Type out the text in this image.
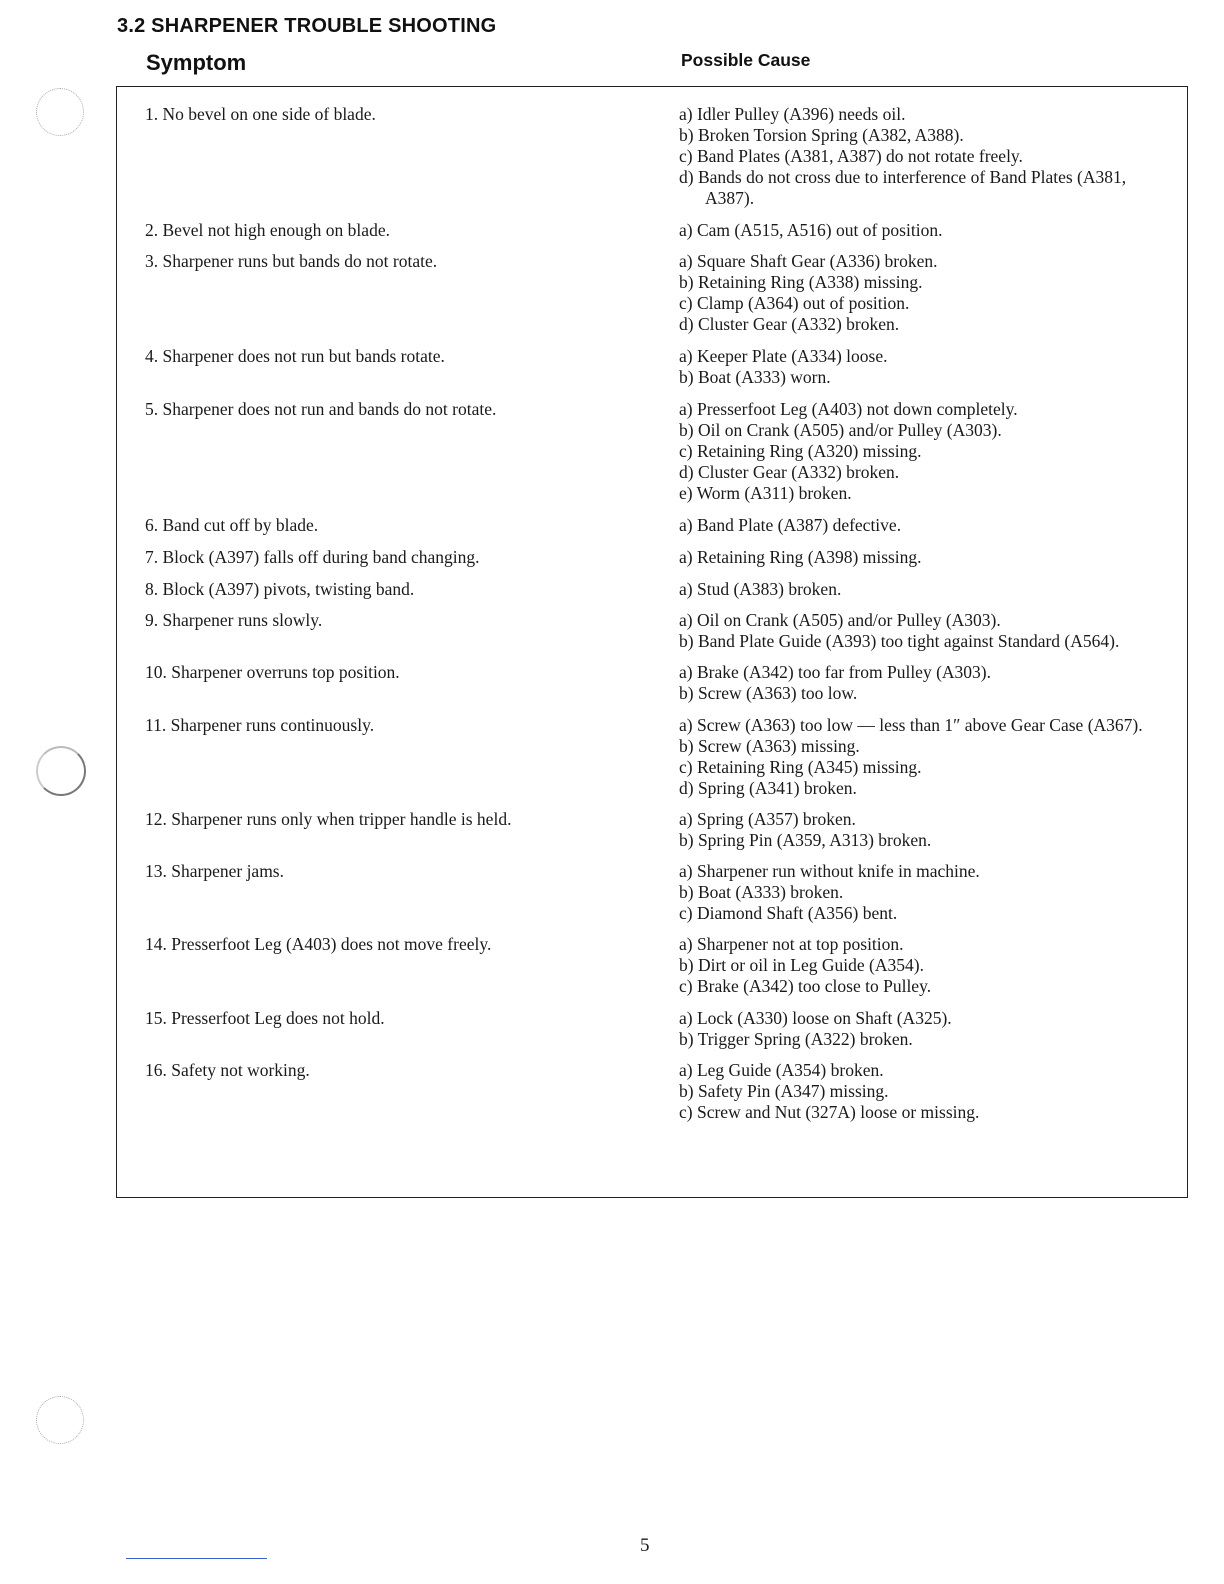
3.2 SHARPENER TROUBLE SHOOTING
Symptom	Possible Cause
1. No bevel on one side of blade.	a) Idler Pulley (A396) needs oil.
b) Broken Torsion Spring (A382, A388).
c) Band Plates (A381, A387) do not rotate freely.
d) Bands do not cross due to interference of Band Plates (A381, A387).
2. Bevel not high enough on blade.	a) Cam (A515, A516) out of position.
3. Sharpener runs but bands do not rotate.	a) Square Shaft Gear (A336) broken.
b) Retaining Ring (A338) missing.
c) Clamp (A364) out of position.
d) Cluster Gear (A332) broken.
4. Sharpener does not run but bands rotate.	a) Keeper Plate (A334) loose.
b) Boat (A333) worn.
5. Sharpener does not run and bands do not rotate.	a) Presserfoot Leg (A403) not down completely.
b) Oil on Crank (A505) and/or Pulley (A303).
c) Retaining Ring (A320) missing.
d) Cluster Gear (A332) broken.
e) Worm (A311) broken.
6. Band cut off by blade.	a) Band Plate (A387) defective.
7. Block (A397) falls off during band changing.	a) Retaining Ring (A398) missing.
8. Block (A397) pivots, twisting band.	a) Stud (A383) broken.
9. Sharpener runs slowly.	a) Oil on Crank (A505) and/or Pulley (A303).
b) Band Plate Guide (A393) too tight against Standard (A564).
10. Sharpener overruns top position.	a) Brake (A342) too far from Pulley (A303).
b) Screw (A363) too low.
11. Sharpener runs continuously.	a) Screw (A363) too low — less than 1″ above Gear Case (A367).
b) Screw (A363) missing.
c) Retaining Ring (A345) missing.
d) Spring (A341) broken.
12. Sharpener runs only when tripper handle is held.	a) Spring (A357) broken.
b) Spring Pin (A359, A313) broken.
13. Sharpener jams.	a) Sharpener run without knife in machine.
b) Boat (A333) broken.
c) Diamond Shaft (A356) bent.
14. Presserfoot Leg (A403) does not move freely.	a) Sharpener not at top position.
b) Dirt or oil in Leg Guide (A354).
c) Brake (A342) too close to Pulley.
15. Presserfoot Leg does not hold.	a) Lock (A330) loose on Shaft (A325).
b) Trigger Spring (A322) broken.
16. Safety not working.	a) Leg Guide (A354) broken.
b) Safety Pin (A347) missing.
c) Screw and Nut (327A) loose or missing.
5
